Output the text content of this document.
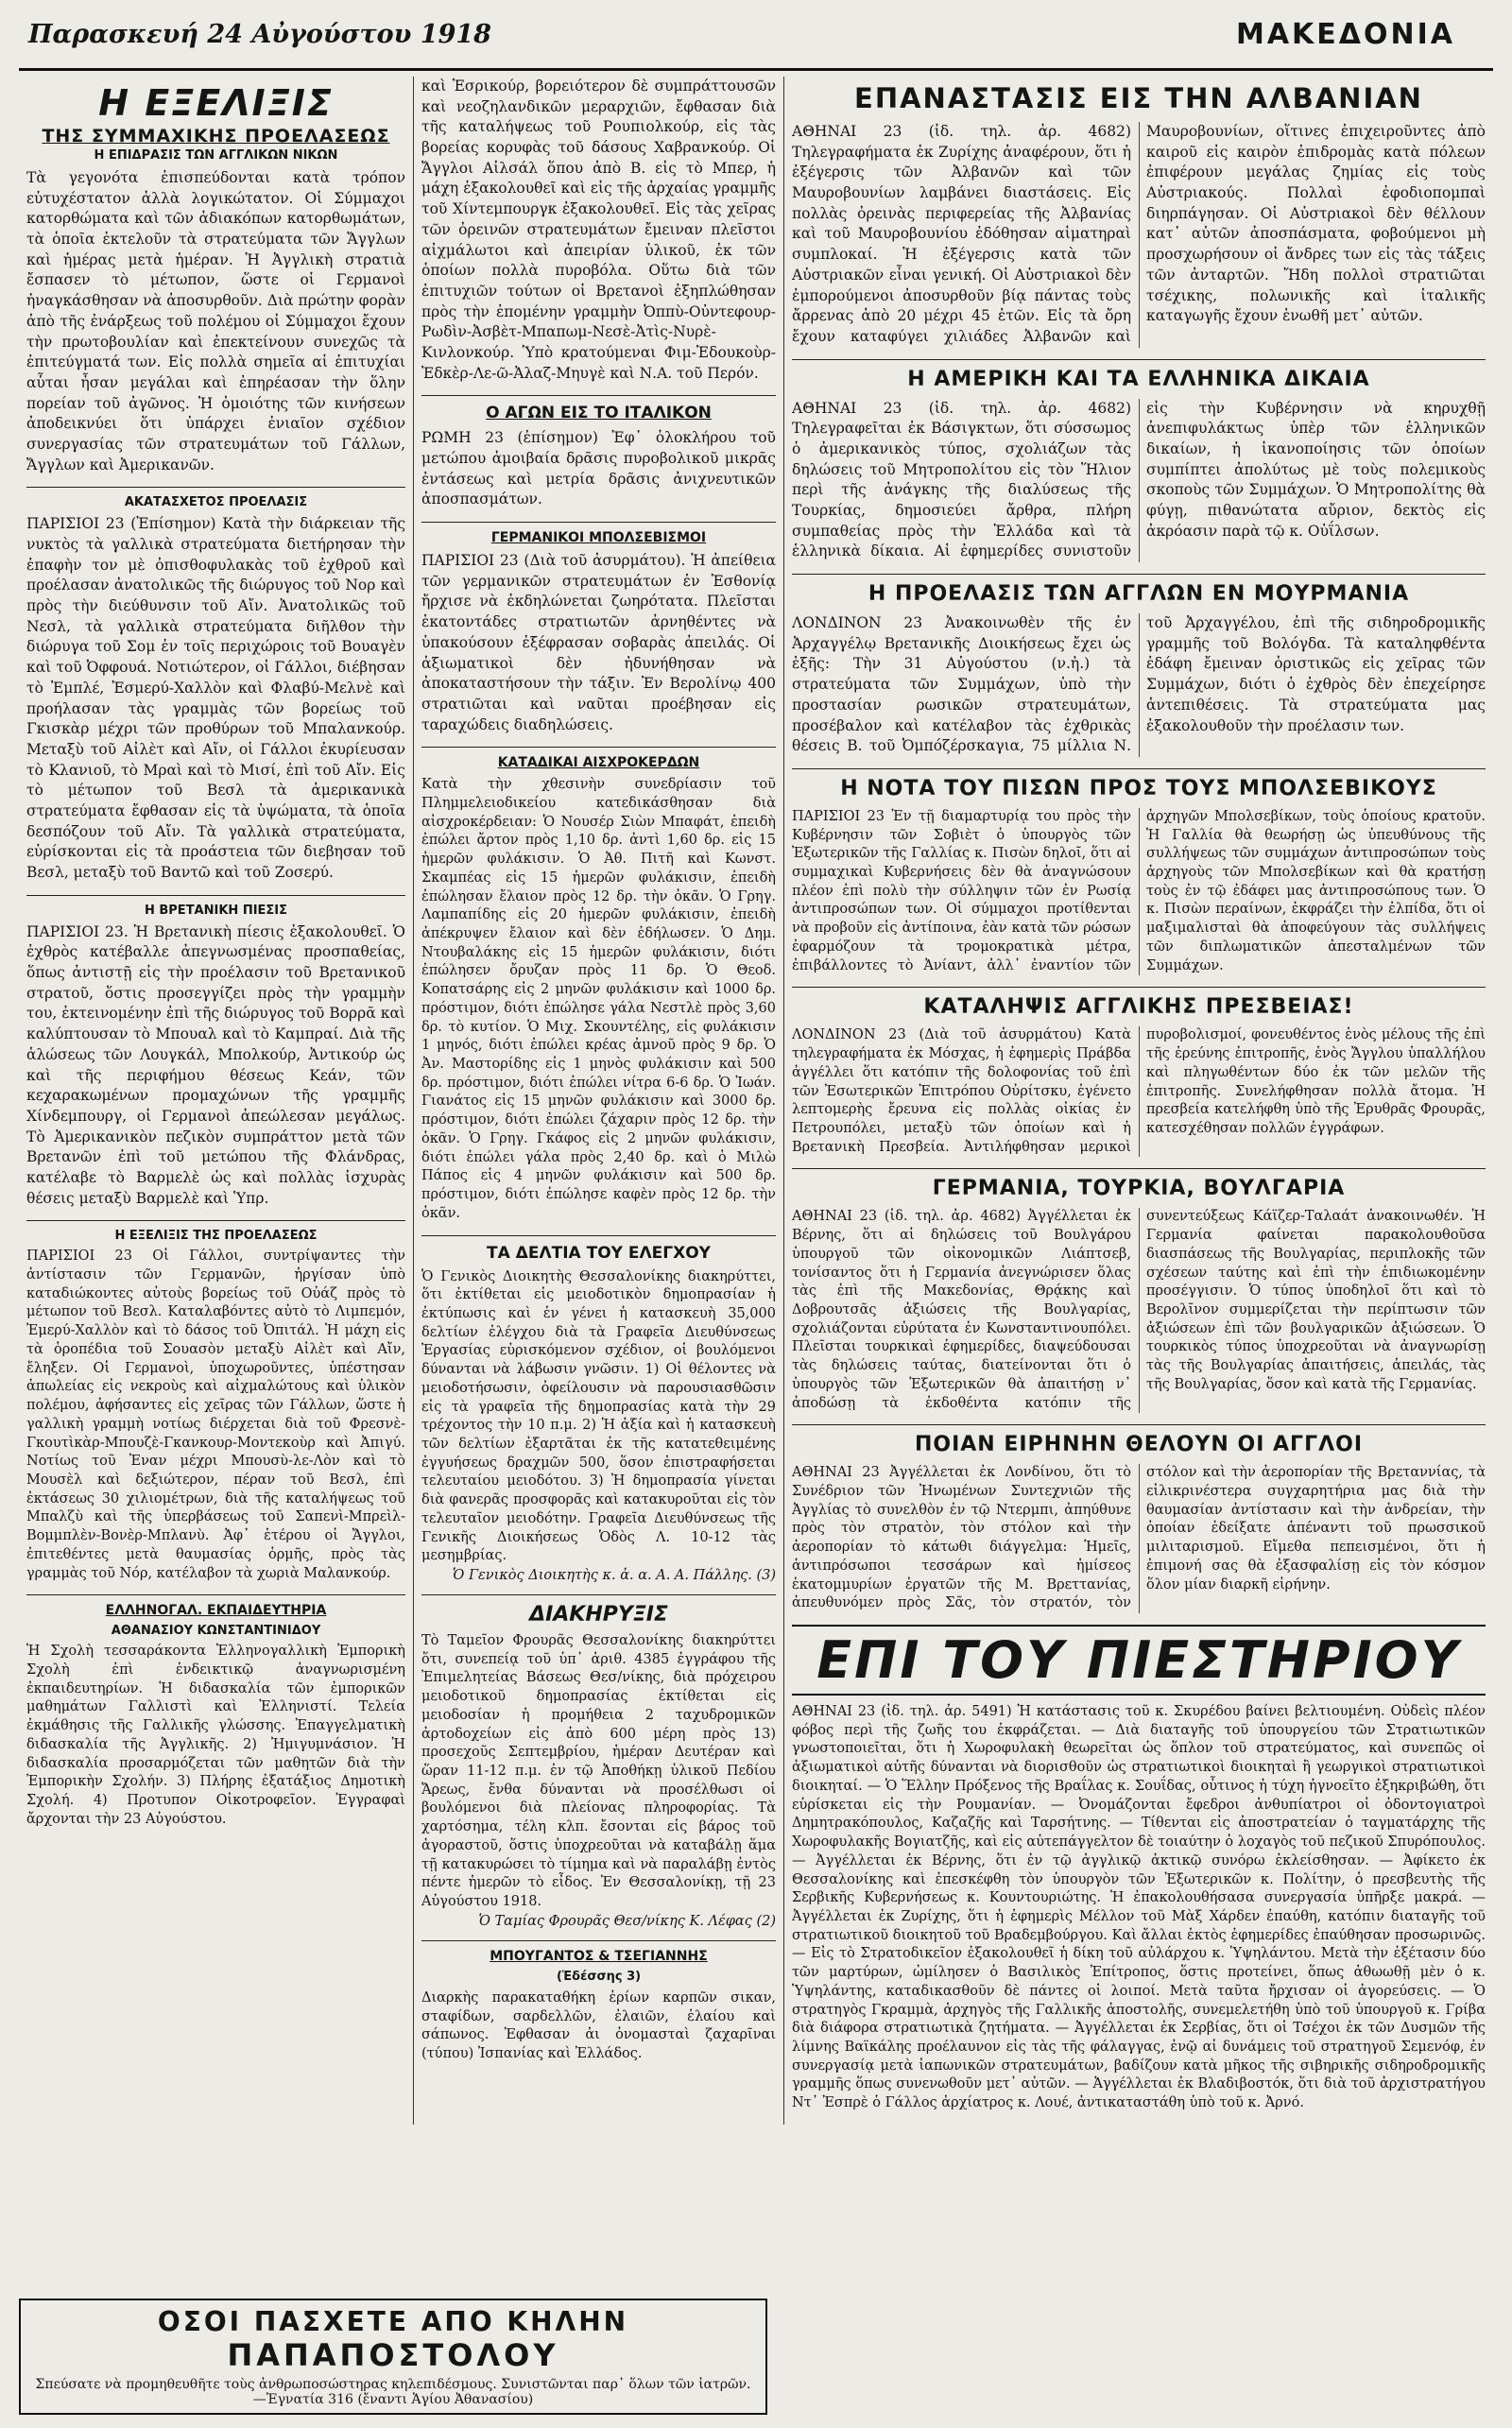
Παρασκευή 24 Αὐγούστου 1918	ΜΑΚΕΔΟΝΙΑ
Η ΕΞΕΛΙΞΙΣ
ΤΗΣ ΣΥΜΜΑΧΙΚΗΣ ΠΡΟΕΛΑΣΕΩΣ
Η ΕΠΙΔΡΑΣΙΣ ΤΩΝ ΑΓΓΛΙΚΩΝ ΝΙΚΩΝ

Τὰ γεγονότα ἐπισπεύδονται κατὰ τρόπον εὐτυχέστατον ἀλλὰ λογικώτατον. Οἱ Σύμμαχοι κατορθώματα καὶ τῶν ἀδιακόπων κατορθωμάτων, τὰ ὁποῖα ἐκτελοῦν τὰ στρατεύματα τῶν Ἄγγλων καὶ ἡμέρας μετὰ ἡμέραν. Ἡ Ἀγγλικὴ στρατιὰ ἔσπασεν τὸ μέτωπον, ὥστε οἱ Γερμανοὶ ἠναγκάσθησαν νὰ ἀποσυρθοῦν. Διὰ πρώτην φορὰν ἀπὸ τῆς ἐνάρξεως τοῦ πολέμου οἱ Σύμμαχοι ἔχουν τὴν πρωτοβουλίαν καὶ ἐπεκτείνουν συνεχῶς τὰ ἐπιτεύγματά των. Εἰς πολλὰ σημεῖα αἱ ἐπιτυχίαι αὗται ἦσαν μεγάλαι καὶ ἐπηρέασαν τὴν ὅλην πορείαν τοῦ ἀγῶνος. Ἡ ὁμοιότης τῶν κινήσεων ἀποδεικνύει ὅτι ὑπάρχει ἐνιαῖον σχέδιον συνεργασίας τῶν στρατευμάτων τοῦ Γάλλων, Ἄγγλων καὶ Ἀμερικανῶν.

ΑΚΑΤΑΣΧΕΤΟΣ ΠΡΟΕΛΑΣΙΣ

ΠΑΡΙΣΙΟΙ 23 (Ἐπίσημον) Κατὰ τὴν διάρκειαν τῆς νυκτὸς τὰ γαλλικὰ στρατεύματα διετήρησαν τὴν ἐπαφὴν τον μὲ ὀπισθοφυλακὰς τοῦ ἐχθροῦ καὶ προέλασαν ἀνατολικῶς τῆς διώρυγος τοῦ Νορ καὶ πρὸς τὴν διεύθυνσιν τοῦ Αἴν. Ἀνατολικῶς τοῦ Νεσλ, τὰ γαλλικὰ στρατεύματα διῆλθον τὴν διώρυγα τοῦ Σομ ἐν τοῖς περιχώροις τοῦ Βουαγὲν καὶ τοῦ Ὀφφουά. Νοτιώτερον, οἱ Γάλλοι, διέβησαν τὸ Ἐμπλέ, Ἐσμερύ-Χαλλὸν καὶ Φλαβύ-Μελνὲ καὶ προήλασαν τὰς γραμμὰς τῶν βορείως τοῦ Γκισκὰρ μέχρι τῶν προθύρων τοῦ Μπαλανκούρ. Μεταξὺ τοῦ Αἰλὲτ καὶ Αἴν, οἱ Γάλλοι ἐκυρίευσαν τὸ Κλανιοῦ, τὸ Μραὶ καὶ τὸ Μισί, ἐπὶ τοῦ Αἴν. Εἰς τὸ μέτωπον τοῦ Βεσλ τὰ ἀμερικανικὰ στρατεύματα ἔφθασαν εἰς τὰ ὑψώματα, τὰ ὁποῖα δεσπόζουν τοῦ Αἴν. Τὰ γαλλικὰ στρατεύματα, εὑρίσκονται εἰς τὰ προάστεια τῶν διεβησαν τοῦ Βεσλ, μεταξὺ τοῦ Βαντῶ καὶ τοῦ Ζοσερύ.

Η ΒΡΕΤΑΝΙΚΗ ΠΙΕΣΙΣ

ΠΑΡΙΣΙΟΙ 23. Ἡ Βρετανικὴ πίεσις ἐξακολουθεῖ. Ὁ ἐχθρὸς κατέβαλλε ἀπεγνωσμένας προσπαθείας, ὅπως ἀντιστῇ εἰς τὴν προέλασιν τοῦ Βρετανικοῦ στρατοῦ, ὅστις προσεγγίζει πρὸς τὴν γραμμὴν του, ἐκτεινομένην ἐπὶ τῆς διώρυγος τοῦ Βορρᾶ καὶ καλύπτουσαν τὸ Μπουαλ καὶ τὸ Καμπραί. Διὰ τῆς ἁλώσεως τῶν Λουγκάλ, Μπολκούρ, Ἀντικούρ ὡς καὶ τῆς περιφήμου θέσεως Κεάν, τῶν κεχαρακωμένων προμαχώνων τῆς γραμμῆς Χίνδεμπουργ, οἱ Γερμανοὶ ἀπεώλεσαν μεγάλως. Τὸ Ἀμερικανικὸν πεζικὸν συμπράττον μετὰ τῶν Βρετανῶν ἐπὶ τοῦ μετώπου τῆς Φλάνδρας, κατέλαβε τὸ Βαρμελὲ ὡς καὶ πολλὰς ἰσχυρὰς θέσεις μεταξὺ Βαρμελὲ καὶ Ὑπρ.

Η ΕΞΕΛΙΞΙΣ ΤΗΣ ΠΡΟΕΛΑΣΕΩΣ

ΠΑΡΙΣΙΟΙ 23 Οἱ Γάλλοι, συντρίψαντες τὴν ἀντίστασιν τῶν Γερμανῶν, ἠργίσαν ὑπὸ καταδιώκοντες αὐτοὺς βορείως τοῦ Οὐάζ πρὸς τὸ μέτωπον τοῦ Βεσλ. Καταλαβόντες αὐτὸ τὸ Λιμπεμόν, Ἐμερύ-Χαλλὸν καὶ τὸ δάσος τοῦ Ὀπιτάλ. Ἡ μάχη εἰς τὰ ὁροπέδια τοῦ Σουασὸν μεταξὺ Αἰλὲτ καὶ Αἴν, ἔληξεν. Οἱ Γερμανοὶ, ὑποχωροῦντες, ὑπέστησαν ἀπωλείας εἰς νεκροὺς καὶ αἰχμαλώτους καὶ ὑλικὸν πολέμου, ἀφήσαντες εἰς χεῖρας τῶν Γάλλων, ὥστε ἡ γαλλικὴ γραμμὴ νοτίως διέρχεται διὰ τοῦ Φρεσνὲ-Γκουτὶκὰρ-Μπουζὲ-Γκανκουρ-Μοντεκοὺρ καὶ Ἀπιγύ. Νοτίως τοῦ Ἐναν μέχρι Μπουσὺ-λε-Λὸν καὶ τὸ Μουσὲλ καὶ δεξιώτερον, πέραν τοῦ Βεσλ, ἐπὶ ἐκτάσεως 30 χιλιομέτρων, διὰ τῆς καταλήψεως τοῦ Μπαλζὺ καὶ τῆς ὑπερβάσεως τοῦ Σαπενὶ-Μπρεὶλ-Βομμπλὲν-Βονὲρ-Μπλανὺ. Ἀφ᾽ ἑτέρου οἱ Ἄγγλοι, ἐπιτεθέντες μετὰ θαυμασίας ὁρμῆς, πρὸς τὰς γραμμὰς τοῦ Νόρ, κατέλαβον τὰ χωριὰ Μαλανκούρ.

ΕΛΛΗΝΟΓΑΛ. ΕΚΠΑΙΔΕΥΤΗΡΙΑ
ΑΘΑΝΑΣΙΟΥ ΚΩΝΣΤΑΝΤΙΝΙΔΟΥ

Ἡ Σχολὴ τεσσαράκοντα Ἑλληνογαλλικὴ Ἐμπορικὴ Σχολὴ ἐπὶ ἐνδεικτικῷ ἀναγνωρισμένη ἐκπαιδευτηρίων. Ἡ διδασκαλία τῶν ἐμπορικῶν μαθημάτων Γαλλιστὶ καὶ Ἑλληνιστί. Τελεία ἐκμάθησις τῆς Γαλλικῆς γλώσσης. Ἐπαγγελματικὴ διδασκαλία τῆς Ἀγγλικῆς. 2) Ἠμιγυμνάσιον. Ἡ διδασκαλία προσαρμόζεται τῶν μαθητῶν διὰ τὴν Ἐμπορικὴν Σχολήν. 3) Πλήρης ἐξατάξιος Δημοτικὴ Σχολή. 4) Προτυπον Οἰκοτροφεῖον. Ἐγγραφαὶ ἄρχονται τὴν 23 Αὐγούστου.

καὶ Ἐσρικούρ, βορειότερον δὲ συμπράττουσῶν καὶ νεοζηλανδικῶν μεραρχιῶν, ἔφθασαν διὰ τῆς καταλήψεως τοῦ Ρουπιολκούρ, εἰς τὰς βορείας κορυφὰς τοῦ δάσους Χαβρανκούρ. Οἱ Ἄγγλοι Αἰλσάλ ὅπου ἀπὸ Β. εἰς τὸ Μπερ, ἡ μάχη ἐξακολουθεῖ καὶ εἰς τῆς ἀρχαίας γραμμῆς τοῦ Χίντεμπουργκ ἐξακολουθεῖ. Εἰς τὰς χεῖρας τῶν ὀρεινῶν στρατευμάτων ἔμειναν πλεῖστοι αἰχμάλωτοι καὶ ἀπειρίαν ὑλικοῦ, ἐκ τῶν ὁποίων πολλὰ πυροβόλα. Οὕτω διὰ τῶν ἐπιτυχιῶν τούτων οἱ Βρετανοὶ ἐξηπλώθησαν πρὸς τὴν ἐπομένην γραμμὴν Ὀππὺ-Οὐντεφουρ-Ρωδὶν-Ἀσβὲτ-Μπαπωμ-Νεσὲ-Ἀτὶς-Νυρὲ-Κινλονκούρ. Ὑπὸ κρατούμεναι Φιμ-Ἐδουκοὺρ-Ἐδκὲρ-Λε-ῶ-Ἀλαζ-Μηυγὲ καὶ Ν.Α. τοῦ Περόν.

Ο ΑΓΩΝ ΕΙΣ ΤΟ ΙΤΑΛΙΚΟΝ

ΡΩΜΗ 23 (ἐπίσημον) Ἐφ᾽ ὁλοκλήρου τοῦ μετώπου ἀμοιβαία δρᾶσις πυροβολικοῦ μικρᾶς ἐντάσεως καὶ μετρία δρᾶσις ἀνιχνευτικῶν ἀποσπασμάτων.

ΓΕΡΜΑΝΙΚΟΙ ΜΠΟΛΣΕΒΙΣΜΟΙ

ΠΑΡΙΣΙΟΙ 23 (Διὰ τοῦ ἀσυρμάτου). Ἡ ἀπείθεια τῶν γερμανικῶν στρατευμάτων ἐν Ἐσθονίᾳ ἤρχισε νὰ ἐκδηλώνεται ζωηρότατα. Πλεῖσται ἑκατοντάδες στρατιωτῶν ἀρνηθέντες νὰ ὑπακούσουν ἐξέφρασαν σοβαρὰς ἀπειλάς. Οἱ ἀξιωματικοὶ δὲν ἠδυνήθησαν νὰ ἀποκαταστήσουν τὴν τάξιν. Ἐν Βερολίνῳ 400 στρατιῶται καὶ ναῦται προέβησαν εἰς ταραχώδεις διαδηλώσεις.

ΚΑΤΑΔΙΚΑΙ ΑΙΣΧΡΟΚΕΡΔΩΝ

Κατὰ τὴν χθεσινὴν συνεδρίασιν τοῦ Πλημμελειοδικείου κατεδικάσθησαν διὰ αἰσχροκέρδειαν: Ὁ Νουσέρ Σιὼν Μπαφάτ, ἐπειδὴ ἐπώλει ἄρτον πρὸς 1,10 δρ. ἀντὶ 1,60 δρ. εἰς 15 ἡμερῶν φυλάκισιν. Ὁ Ἀθ. Πιτῆ καὶ Κωνστ. Σκαμπέας εἰς 15 ἡμερῶν φυλάκισιν, ἐπειδὴ ἐπώλησαν ἔλαιον πρὸς 12 δρ. τὴν ὀκᾶν. Ὁ Γρηγ. Λαμπαπίδης εἰς 20 ἡμερῶν φυλάκισιν, ἐπειδὴ ἀπέκρυψεν ἔλαιον καὶ δὲν ἐδήλωσεν. Ὁ Δημ. Ντουβαλάκης εἰς 15 ἡμερῶν φυλάκισιν, διότι ἐπώλησεν ὄρυζαν πρὸς 11 δρ. Ὁ Θεοδ. Κοπατσάρης εἰς 2 μηνῶν φυλάκισιν καὶ 1000 δρ. πρόστιμον, διότι ἐπώλησε γάλα Νεστλὲ πρὸς 3,60 δρ. τὸ κυτίον. Ὁ Μιχ. Σκουντέλης, εἰς φυλάκισιν 1 μηνός, διότι ἐπώλει κρέας ἀμνοῦ πρὸς 9 δρ. Ὁ Ἀν. Μαστορίδης εἰς 1 μηνὸς φυλάκισιν καὶ 500 δρ. πρόστιμον, διότι ἐπώλει νίτρα 6-6 δρ. Ὁ Ἰωάν. Γιανάτος εἰς 15 μηνῶν φυλάκισιν καὶ 3000 δρ. πρόστιμον, διότι ἐπώλει ζάχαριν πρὸς 12 δρ. τὴν ὀκᾶν. Ὁ Γρηγ. Γκάφος εἰς 2 μηνῶν φυλάκισιν, διότι ἐπώλει γάλα πρὸς 2,40 δρ. καὶ ὁ Μιλὼ Πάπος εἰς 4 μηνῶν φυλάκισιν καὶ 500 δρ. πρόστιμον, διότι ἐπώλησε καφὲν πρὸς 12 δρ. τὴν ὀκᾶν.

ΤΑ ΔΕΛΤΙΑ ΤΟΥ ΕΛΕΓΧΟΥ

Ὁ Γενικὸς Διοικητὴς Θεσσαλονίκης διακηρύττει, ὅτι ἐκτίθεται εἰς μειοδοτικὸν δημοπρασίαν ἡ ἐκτύπωσις καὶ ἐν γένει ἡ κατασκευὴ 35,000 δελτίων ἐλέγχου διὰ τὰ Γραφεῖα Διευθύνσεως Ἐργασίας εὑρισκόμενον σχέδιον, οἱ βουλόμενοι δύνανται νὰ λάβωσιν γνῶσιν. 1) Οἱ θέλοντες νὰ μειοδοτήσωσιν, ὀφείλουσιν νὰ παρουσιασθῶσιν εἰς τὰ γραφεῖα τῆς δημοπρασίας κατὰ τὴν 29 τρέχοντος τὴν 10 π.μ. 2) Ἡ ἀξία καὶ ἡ κατασκευὴ τῶν δελτίων ἐξαρτᾶται ἐκ τῆς κατατεθειμένης ἐγγυήσεως δραχμῶν 500, ὅσον ἐπιστραφήσεται τελευταίου μειοδότου. 3) Ἡ δημοπρασία γίνεται διὰ φανερᾶς προσφορᾶς καὶ κατακυροῦται εἰς τὸν τελευταῖον μειοδότην. Γραφεῖα Διευθύνσεως τῆς Γενικῆς Διοικήσεως Ὁδὸς Λ. 10-12 τὰς μεσημβρίας.

Ὁ Γενικὸς Διοικητὴς κ. ἀ. α. Α. Α. Πάλλης. (3)

ΔΙΑΚΗΡΥΞΙΣ

Τὸ Ταμεῖον Φρουρᾶς Θεσσαλονίκης διακηρύττει ὅτι, συνεπείᾳ τοῦ ὑπ᾽ ἀριθ. 4385 ἐγγράφου τῆς Ἐπιμελητείας Βάσεως Θεσ/νίκης, διὰ πρόχειρου μειοδοτικοῦ δημοπρασίας ἐκτίθεται εἰς μειοδοσίαν ἡ προμήθεια 2 ταχυδρομικῶν ἀρτοδοχείων εἰς ἀπὸ 600 μέρη πρὸς 13) προσεχοῦς Σεπτεμβρίου, ἡμέραν Δευτέραν καὶ ὥραν 11-12 π.μ. ἐν τῷ Ἀποθήκῃ ὑλικοῦ Πεδίου Ἄρεως, ἔνθα δύνανται νὰ προσέλθωσι οἱ βουλόμενοι διὰ πλείονας πληροφορίας. Τὰ χαρτόσημα, τέλη κλπ. ἔσονται εἰς βάρος τοῦ ἀγοραστοῦ, ὅστις ὑποχρεοῦται νὰ καταβάλῃ ἅμα τῇ κατακυρώσει τὸ τίμημα καὶ νὰ παραλάβῃ ἐντὸς πέντε ἡμερῶν τὸ εἶδος. Ἐν Θεσσαλονίκῃ, τῇ 23 Αὐγούστου 1918.

Ὁ Ταμίας Φρουρᾶς Θεσ/νίκης Κ. Λέφας (2)

ΜΠΟΥΓΑΝΤΟΣ & ΤΣΕΓΙΑΝΝΗΣ
(Ἐδέσσης 3)

Διαρκὴς παρακαταθήκη ἐρίων καρπῶν σικαν, σταφίδων, σαρδελλῶν, ἐλαιῶν, ἐλαίου καὶ σάπωνος. Ἐφθασαν ἀι ὀνομασταὶ ζαχαρῖναι (τύπου) Ἰσπανίας καὶ Ἐλλάδος.

ΕΠΑΝΑΣΤΑΣΙΣ ΕΙΣ ΤΗΝ ΑΛΒΑΝΙΑΝ

ΑΘΗΝΑΙ 23 (ἰδ. τηλ. ἀρ. 4682) Τηλεγραφήματα ἐκ Ζυρίχης ἀναφέρουν, ὅτι ἡ ἐξέγερσις τῶν Ἀλβανῶν καὶ τῶν Μαυροβουνίων λαμβάνει διαστάσεις. Εἰς πολλὰς ὀρεινὰς περιφερείας τῆς Ἀλβανίας καὶ τοῦ Μαυροβουνίου ἐδόθησαν αἱματηραὶ συμπλοκαί. Ἡ ἐξέγερσις κατὰ τῶν Αὐστριακῶν εἶναι γενική. Οἱ Αὐστριακοὶ δὲν ἐμπορούμενοι ἀποσυρθοῦν βίᾳ πάντας τοὺς ἄρρενας ἀπὸ 20 μέχρι 45 ἐτῶν. Εἰς τὰ ὄρη ἔχουν καταφύγει χιλιάδες Ἀλβανῶν καὶ Μαυροβουνίων, οἵτινες ἐπιχειροῦντες ἀπὸ καιροῦ εἰς καιρὸν ἐπιδρομὰς κατὰ πόλεων ἐπιφέρουν μεγάλας ζημίας εἰς τοὺς Αὐστριακούς. Πολλαὶ ἐφοδιοπομπαὶ διηρπάγησαν. Οἱ Αὐστριακοὶ δὲν θέλλουν κατ᾽ αὐτῶν ἀποσπάσματα, φοβούμενοι μὴ προσχωρήσουν οἱ ἄνδρες των εἰς τὰς τάξεις τῶν ἀνταρτῶν. Ἤδη πολλοὶ στρατιῶται τσέχικης, πολωνικῆς καὶ ἰταλικῆς καταγωγῆς ἔχουν ἑνωθῆ μετ᾽ αὐτῶν.

Η ΑΜΕΡΙΚΗ ΚΑΙ ΤΑ ΕΛΛΗΝΙΚΑ ΔΙΚΑΙΑ

ΑΘΗΝΑΙ 23 (ἰδ. τηλ. ἀρ. 4682) Τηλεγραφεῖται ἐκ Βάσιγκτων, ὅτι σύσσωμος ὁ ἀμερικανικὸς τύπος, σχολιάζων τὰς δηλώσεις τοῦ Μητροπολίτου εἰς τὸν Ἥλιον περὶ τῆς ἀνάγκης τῆς διαλύσεως τῆς Τουρκίας, δημοσιεύει ἄρθρα, πλήρη συμπαθείας πρὸς τὴν Ἑλλάδα καὶ τὰ ἑλληνικὰ δίκαια. Αἱ ἐφημερίδες συνιστοῦν εἰς τὴν Κυβέρνησιν νὰ κηρυχθῇ ἀνεπιφυλάκτως ὑπὲρ τῶν ἑλληνικῶν δικαίων, ἡ ἱκανοποίησις τῶν ὁποίων συμπίπτει ἀπολύτως μὲ τοὺς πολεμικοὺς σκοποὺς τῶν Συμμάχων. Ὁ Μητροπολίτης θὰ φύγῃ, πιθανώτατα αὔριον, δεκτὸς εἰς ἀκρόασιν παρὰ τῷ κ. Οὐΐλσων.

Η ΠΡΟΕΛΑΣΙΣ ΤΩΝ ΑΓΓΛΩΝ ΕΝ ΜΟΥΡΜΑΝΙΑ

ΛΟΝΔΙΝΟΝ 23 Ἀνακοινωθὲν τῆς ἐν Ἀρχαγγέλῳ Βρετανικῆς Διοικήσεως ἔχει ὡς ἑξῆς: Τὴν 31 Αὐγούστου (ν.ἡ.) τὰ στρατεύματα τῶν Συμμάχων, ὑπὸ τὴν προστασίαν ρωσικῶν στρατευμάτων, προσέβαλον καὶ κατέλαβον τὰς ἐχθρικὰς θέσεις Β. τοῦ Ὀμπόζέρσκαγια, 75 μίλλια Ν. τοῦ Ἀρχαγγέλου, ἐπὶ τῆς σιδηροδρομικῆς γραμμῆς τοῦ Βολόγδα. Τὰ καταληφθέντα ἐδάφη ἔμειναν ὁριστικῶς εἰς χεῖρας τῶν Συμμάχων, διότι ὁ ἐχθρὸς δὲν ἐπεχείρησε ἀντεπιθέσεις. Τὰ στρατεύματα μας ἐξακολουθοῦν τὴν προέλασιν των.

Η ΝΟΤΑ ΤΟΥ ΠΙΣΩΝ ΠΡΟΣ ΤΟΥΣ ΜΠΟΛΣΕΒΙΚΟΥΣ

ΠΑΡΙΣΙΟΙ 23 Ἐν τῇ διαμαρτυρίᾳ του πρὸς τὴν Κυβέρνησιν τῶν Σοβιὲτ ὁ ὑπουργὸς τῶν Ἐξωτερικῶν τῆς Γαλλίας κ. Πισὼν δηλοῖ, ὅτι αἱ συμμαχικαὶ Κυβερνήσεις δὲν θὰ ἀναγνώσουν πλέον ἐπὶ πολὺ τὴν σύλληψιν τῶν ἐν Ρωσίᾳ ἀντιπροσώπων των. Οἱ σύμμαχοι προτίθενται νὰ προβοῦν εἰς ἀντίποινα, ἐὰν κατὰ τῶν ρώσων ἐφαρμόζουν τὰ τρομοκρατικὰ μέτρα, ἐπιβάλλοντες τὸ Ἀνίαντ, ἀλλ᾽ ἐναντίον τῶν ἀρχηγῶν Μπολσεβίκων, τοὺς ὁποίους κρατοῦν. Ἡ Γαλλία θὰ θεωρήσῃ ὡς ὑπευθύνους τῆς συλλήψεως τῶν συμμάχων ἀντιπροσώπων τοὺς ἀρχηγοὺς τῶν Μπολσεβίκων καὶ θὰ κρατήσῃ τοὺς ἐν τῷ ἐδάφει μας ἀντιπροσώπους των. Ὁ κ. Πισὼν περαίνων, ἐκφράζει τὴν ἐλπίδα, ὅτι οἱ μαξιμαλισταὶ θὰ ἀποφεύγουν τὰς συλλήψεις τῶν διπλωματικῶν ἀπεσταλμένων τῶν Συμμάχων.

ΚΑΤΑΛΗΨΙΣ ΑΓΓΛΙΚΗΣ ΠΡΕΣΒΕΙΑΣ!

ΛΟΝΔΙΝΟΝ 23 (Διὰ τοῦ ἀσυρμάτου) Κατὰ τηλεγραφήματα ἐκ Μόσχας, ἡ ἐφημερὶς Πράβδα ἀγγέλλει ὅτι κατόπιν τῆς δολοφονίας τοῦ ἐπὶ τῶν Ἐσωτερικῶν Ἐπιτρόπου Οὐρίτσκυ, ἐγένετο λεπτομερὴς ἔρευνα εἰς πολλὰς οἰκίας ἐν Πετρουπόλει, μεταξὺ τῶν ὁποίων καὶ ἡ Βρετανικὴ Πρεσβεία. Ἀντιλήφθησαν μερικοὶ πυροβολισμοί, φονευθέντος ἑνὸς μέλους τῆς ἐπὶ τῆς ἐρεύνης ἐπιτροπῆς, ἑνὸς Ἄγγλου ὑπαλλήλου καὶ πληγωθέντων δύο ἐκ τῶν μελῶν τῆς ἐπιτροπῆς. Συνελήφθησαν πολλὰ ἄτομα. Ἡ πρεσβεία κατελήφθη ὑπὸ τῆς Ἐρυθρᾶς Φρουρᾶς, κατεσχέθησαν πολλῶν ἐγγράφων.

ΓΕΡΜΑΝΙΑ, ΤΟΥΡΚΙΑ, ΒΟΥΛΓΑΡΙΑ

ΑΘΗΝΑΙ 23 (ἰδ. τηλ. ἀρ. 4682) Ἀγγέλλεται ἐκ Βέρνης, ὅτι αἱ δηλώσεις τοῦ Βουλγάρου ὑπουργοῦ τῶν οἰκονομικῶν Λιάπτσεβ, τονίσαντος ὅτι ἡ Γερμανία ἀνεγνώρισεν ὅλας τὰς ἐπὶ τῆς Μακεδονίας, Θρᾴκης καὶ Δοβρουτσᾶς ἀξιώσεις τῆς Βουλγαρίας, σχολιάζονται εὑρύτατα ἐν Κωνσταντινουπόλει. Πλεῖσται τουρκικαὶ ἐφημερίδες, διαψεύδουσαι τὰς δηλώσεις ταύτας, διατείνονται ὅτι ὁ ὑπουργὸς τῶν Ἐξωτερικῶν θὰ ἀπαιτήσῃ ν᾽ ἀποδώσῃ τὰ ἐκδοθέντα κατόπιν τῆς συνεντεύξεως Κάϊζερ-Ταλαάτ ἀνακοινωθέν. Ἡ Γερμανία φαίνεται παρακολουθοῦσα διασπάσεως τῆς Βουλγαρίας, περιπλοκῆς τῶν σχέσεων ταύτης καὶ ἐπὶ τὴν ἐπιδιωκομένην προσέγγισιν. Ὁ τύπος ὑποδηλοῖ ὅτι καὶ τὸ Βερολῖνον συμμερίζεται τὴν περίπτωσιν τῶν ἀξιώσεων ἐπὶ τῶν βουλγαρικῶν ἀξιώσεων. Ὁ τουρκικὸς τύπος ὑποχρεοῦται νὰ ἀναγνωρίσῃ τὰς τῆς Βουλγαρίας ἀπαιτήσεις, ἀπειλάς, τὰς τῆς Βουλγαρίας, ὅσον καὶ κατὰ τῆς Γερμανίας.

ΠΟΙΑΝ ΕΙΡΗΝΗΝ ΘΕΛΟΥΝ ΟΙ ΑΓΓΛΟΙ

ΑΘΗΝΑΙ 23 Ἀγγέλλεται ἐκ Λονδίνου, ὅτι τὸ Συνέδριον τῶν Ἡνωμένων Συντεχνιῶν τῆς Ἀγγλίας τὸ συνελθὸν ἐν τῷ Ντερμπι, ἀπηύθυνε πρὸς τὸν στρατὸν, τὸν στόλον καὶ τὴν ἀεροπορίαν τὸ κάτωθι διάγγελμα: Ἡμεῖς, ἀντιπρόσωποι τεσσάρων καὶ ἡμίσεος ἑκατομμυρίων ἐργατῶν τῆς Μ. Βρεττανίας, ἀπευθυνόμεν πρὸς Σᾶς, τὸν στρατόν, τὸν στόλον καὶ τὴν ἀεροπορίαν τῆς Βρεταννίας, τὰ εἰλικρινέστερα συγχαρητήρια μας διὰ τὴν θαυμασίαν ἀντίστασιν καὶ τὴν ἀνδρείαν, τὴν ὁποίαν ἐδείξατε ἀπέναντι τοῦ πρωσσικοῦ μιλιταρισμοῦ. Εἴμεθα πεπεισμένοι, ὅτι ἡ ἐπιμονή σας θὰ ἐξασφαλίσῃ εἰς τὸν κόσμον ὅλον μίαν διαρκῆ εἰρήνην.

ΕΠΙ ΤΟΥ ΠΙΕΣΤΗΡΙΟΥ

ΑΘΗΝΑΙ 23 (ἰδ. τηλ. ἀρ. 5491) Ἡ κατάστασις τοῦ κ. Σκυρέδου βαίνει βελτιουμένη. Οὐδεὶς πλέον φόβος περὶ τῆς ζωῆς του ἐκφράζεται. — Διὰ διαταγῆς τοῦ ὑπουργείου τῶν Στρατιωτικῶν γνωστοποιεῖται, ὅτι ἡ Χωροφυλακὴ θεωρεῖται ὡς ὅπλον τοῦ στρατεύματος, καὶ συνεπῶς οἱ ἀξιωματικοὶ αὐτῆς δύνανται νὰ διορισθοῦν ὡς στρατιωτικοὶ διοικηταὶ ἢ γεωργικοὶ στρατιωτικοὶ διοικηταί. — Ὁ Ἕλλην Πρόξενος τῆς Βραΐλας κ. Σουΐδας, οὗτινος ἡ τύχη ἠγνοεῖτο ἐξηκριβώθη, ὅτι εὑρίσκεται εἰς τὴν Ρουμανίαν. — Ὀνομάζονται ἔφεδροι ἀνθυπίατροι οἱ ὀδοντογιατροὶ Δημητρακόπουλος, Καζαζῆς καὶ Ταρσήτνης. — Τίθενται εἰς ἀποστρατείαν ὁ ταγματάρχης τῆς Χωροφυλακῆς Βογιατζῆς, καὶ εἰς αὐτεπάγγελτον δὲ τοιαύτην ὁ λοχαγὸς τοῦ πεζικοῦ Σπυρόπουλος. — Ἀγγέλλεται ἐκ Βέρνης, ὅτι ἐν τῷ ἀγγλικῷ ἀκτικῷ συνόρω ἐκλείσθησαν. — Ἀφίκετο ἐκ Θεσσαλονίκης καὶ ἐπεσκέφθη τὸν ὑπουργὸν τῶν Ἐξωτερικῶν κ. Πολίτην, ὁ πρεσβευτὴς τῆς Σερβικῆς Κυβερνήσεως κ. Κουντουριώτης. Ἡ ἐπακολουθήσασα συνεργασία ὑπῆρξε μακρά. — Ἀγγέλλεται ἐκ Ζυρίχης, ὅτι ἡ ἐφημερὶς Μέλλον τοῦ Μὰξ Χάρδεν ἐπαύθη, κατόπιν διαταγῆς τοῦ στρατιωτικοῦ διοικητοῦ τοῦ Βραδεμβούργου. Καὶ ἄλλαι ἐκτὸς ἐφημερίδες ἐπαύθησαν προσωρινῶς. — Εἰς τὸ Στρατοδικεῖον ἐξακολουθεῖ ἡ δίκη τοῦ αὐλάρχου κ. Ὑψηλάντου. Μετὰ τὴν ἐξέτασιν δύο τῶν μαρτύρων, ὡμίλησεν ὁ Βασιλικὸς Ἐπίτροπος, ὅστις προτείνει, ὅπως ἀθωωθῇ μὲν ὁ κ. Ὑψηλάντης, καταδικασθοῦν δὲ πάντες οἱ λοιποί. Μετὰ ταῦτα ἤρχισαν οἱ ἀγορεύσεις. — Ὁ στρατηγὸς Γκραμμὰ, ἀρχηγὸς τῆς Γαλλικῆς ἀποστολῆς, συνεμελετήθη ὑπὸ τοῦ ὑπουργοῦ κ. Γρίβα διὰ διάφορα στρατιωτικὰ ζητήματα. — Ἀγγέλλεται ἐκ Σερβίας, ὅτι οἱ Τσέχοι ἐκ τῶν Δυσμῶν τῆς λίμνης Βαϊκάλης προέλαυνον εἰς τὰς τῆς φάλαγγας, ἐνῷ αἱ δυνάμεις τοῦ στρατηγοῦ Σεμενόφ, ἐν συνεργασίᾳ μετὰ ἰαπωνικῶν στρατευμάτων, βαδίζουν κατὰ μῆκος τῆς σιβηρικῆς σιδηροδρομικῆς γραμμῆς ὅπως συνενωθοῦν μετ᾽ αὐτῶν. — Ἀγγέλλεται ἐκ Βλαδιβοστόκ, ὅτι διὰ τοῦ ἀρχιστρατήγου Ντ᾽ Ἐσπρὲ ὁ Γάλλος ἀρχίατρος κ. Λουέ, ἀντικαταστάθη ὑπὸ τοῦ κ. Ἀρνό.

ΟΣΟΙ ΠΑΣΧΕΤΕ ΑΠΟ ΚΗΛΗΝ
ΠΑΠΑΠΟΣΤΟΛΟΥ
Σπεύσατε νὰ προμηθευθῆτε τοὺς ἀνθρωποσώστηρας κηλεπιδέσμους. Συνιστῶνται παρ᾽ ὅλων τῶν ἰατρῶν.—Ἐγνατία 316 (ἔναντι Ἁγίου Ἀθανασίου)
